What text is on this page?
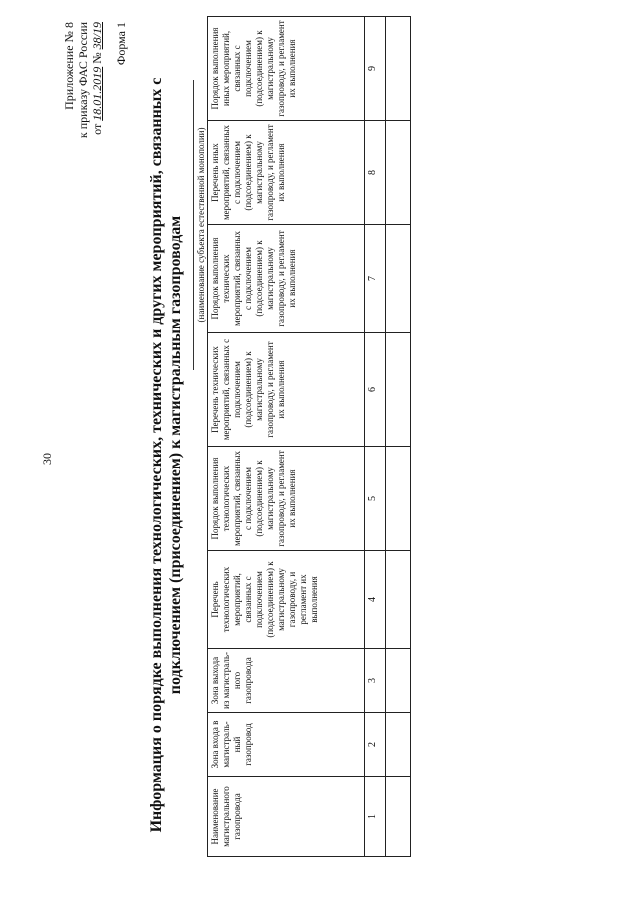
30
Приложение № 8 к приказу ФАС России от 18.01.2019 № 38/19 Форма 1
Информация о порядке выполнения технологических, технических и других мероприятий, связанных с подключением (присоединением) к магистральным газопроводам (наименование субъекта естественной монополии)
Наименование магистрального газопровода	Зона входа в магистраль-ный газопровод	Зона выхода из магистраль-ного газопровода	Перечень технологических мероприятий, связанных с подключением (подсоединением) к магистральному газопроводу, и регламент их выполнения	Порядок выполнения технологических мероприятий, связанных с подключением (подсоединением) к магистральному газопроводу, и регламент их выполнения	Перечень технических мероприятий, связанных с подключением (подсоединением) к магистральному газопроводу, и регламент их выполнения	Порядок выполнения технических мероприятий, связанных с подключением (подсоединением) к магистральному газопроводу, и регламент их выполнения	Перечень иных мероприятий, связанных с подключением (подсоединением) к магистральному газопроводу, и регламент их выполнения	Порядок выполнения иных мероприятий, связанных с подключением (подсоединением) к магистральному газопроводу, и регламент их выполнения
1	2	3	4	5	6	7	8	9
